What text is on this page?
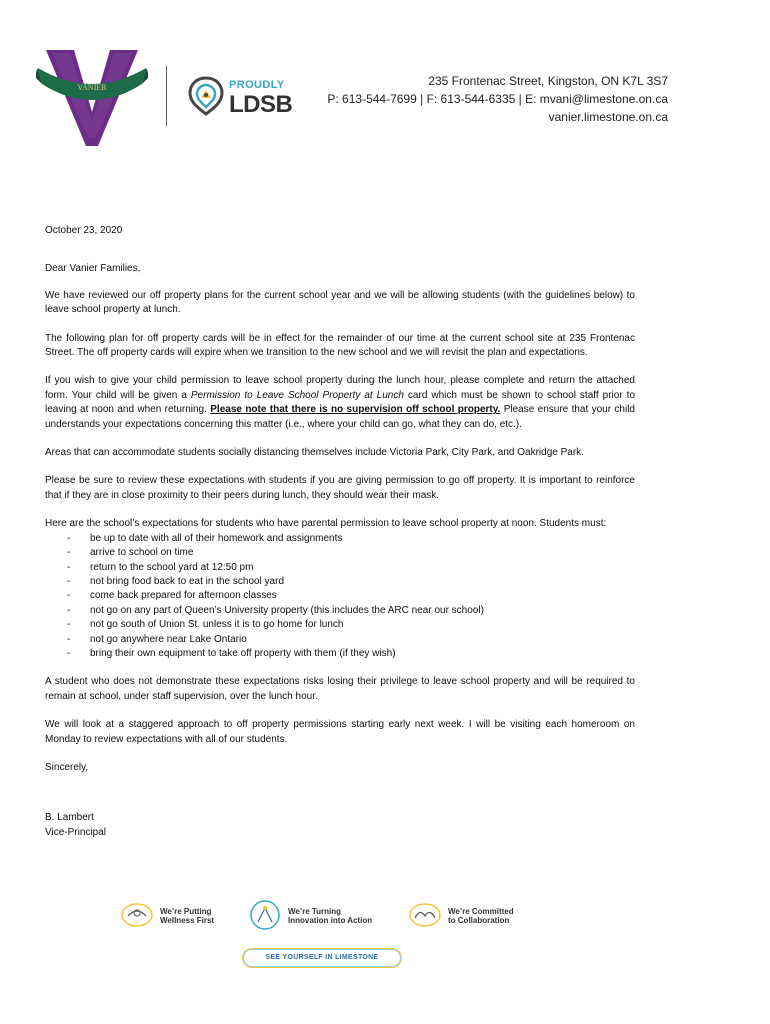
VANIER	PROUDLY
LDSB
235 Frontenac Street, Kingston, ON K7L 3S7
P: 613-544-7699 | F: 613-544-6335 | E: mvani@limestone.on.ca
vanier.limestone.on.ca

October 23, 2020

Dear Vanier Families,

We have reviewed our off property plans for the current school year and we will be allowing students (with the guidelines below) to leave school property at lunch.

The following plan for off property cards will be in effect for the remainder of our time at the current school site at 235 Frontenac Street. The off property cards will expire when we transition to the new school and we will revisit the plan and expectations.

If you wish to give your child permission to leave school property during the lunch hour, please complete and return the attached form. Your child will be given a Permission to Leave School Property at Lunch card which must be shown to school staff prior to leaving at noon and when returning. Please note that there is no supervision off school property. Please ensure that your child understands your expectations concerning this matter (i.e., where your child can go, what they can do, etc.).

Areas that can accommodate students socially distancing themselves include Victoria Park, City Park, and Oakridge Park.

Please be sure to review these expectations with students if you are giving permission to go off property. It is important to reinforce that if they are in close proximity to their peers during lunch, they should wear their mask.

Here are the school’s expectations for students who have parental permission to leave school property at noon. Students must:

- be up to date with all of their homework and assignments
- arrive to school on time
- return to the school yard at 12:50 pm
- not bring food back to eat in the school yard
- come back prepared for afternoon classes
- not go on any part of Queen’s University property (this includes the ARC near our school)
- not go south of Union St. unless it is to go home for lunch
- not go anywhere near Lake Ontario
- bring their own equipment to take off property with them (if they wish)

A student who does not demonstrate these expectations risks losing their privilege to leave school property and will be required to remain at school, under staff supervision, over the lunch hour.

We will look at a staggered approach to off property permissions starting early next week. I will be visiting each homeroom on Monday to review expectations with all of our students.

Sincerely,

B. Lambert
Vice-Principal
We’re Putting
Wellness First
We’re Turning
Innovation into Action
We’re Committed
to Collaboration
SEE YOURSELF IN LIMESTONE
